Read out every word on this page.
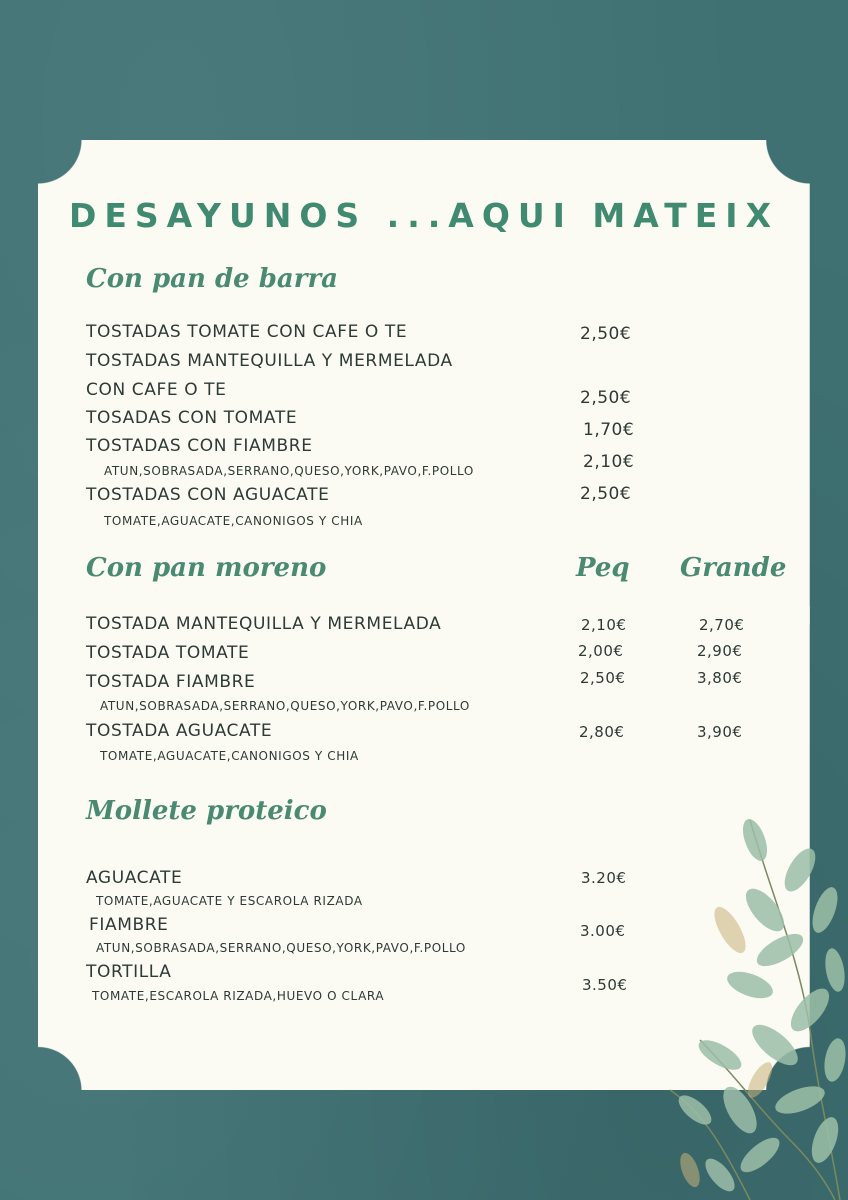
DESAYUNOS ...AQUI MATEIX
Con pan de barra
TOSTADAS TOMATE CON CAFE O TE
TOSTADAS MANTEQUILLA Y MERMELADA
CON CAFE O TE
TOSADAS CON TOMATE
TOSTADAS CON FIAMBRE
ATUN,SOBRASADA,SERRANO,QUESO,YORK,PAVO,F.POLLO
TOSTADAS CON AGUACATE
TOMATE,AGUACATE,CANONIGOS Y CHIA
2,50€
2,50€
1,70€
2,10€
2,50€
Con pan moreno	Peq Grande
TOSTADA MANTEQUILLA Y MERMELADA
TOSTADA TOMATE
TOSTADA FIAMBRE
ATUN,SOBRASADA,SERRANO,QUESO,YORK,PAVO,F.POLLO
TOSTADA AGUACATE
TOMATE,AGUACATE,CANONIGOS Y CHIA
2,10€
2,00€
2,50€
2,80€
2,70€
2,90€
3,80€
3,90€
Mollete proteico
AGUACATE
TOMATE,AGUACATE Y ESCAROLA RIZADA
FIAMBRE
ATUN,SOBRASADA,SERRANO,QUESO,YORK,PAVO,F.POLLO
TORTILLA
TOMATE,ESCAROLA RIZADA,HUEVO O CLARA
3.20€
3.00€
3.50€
